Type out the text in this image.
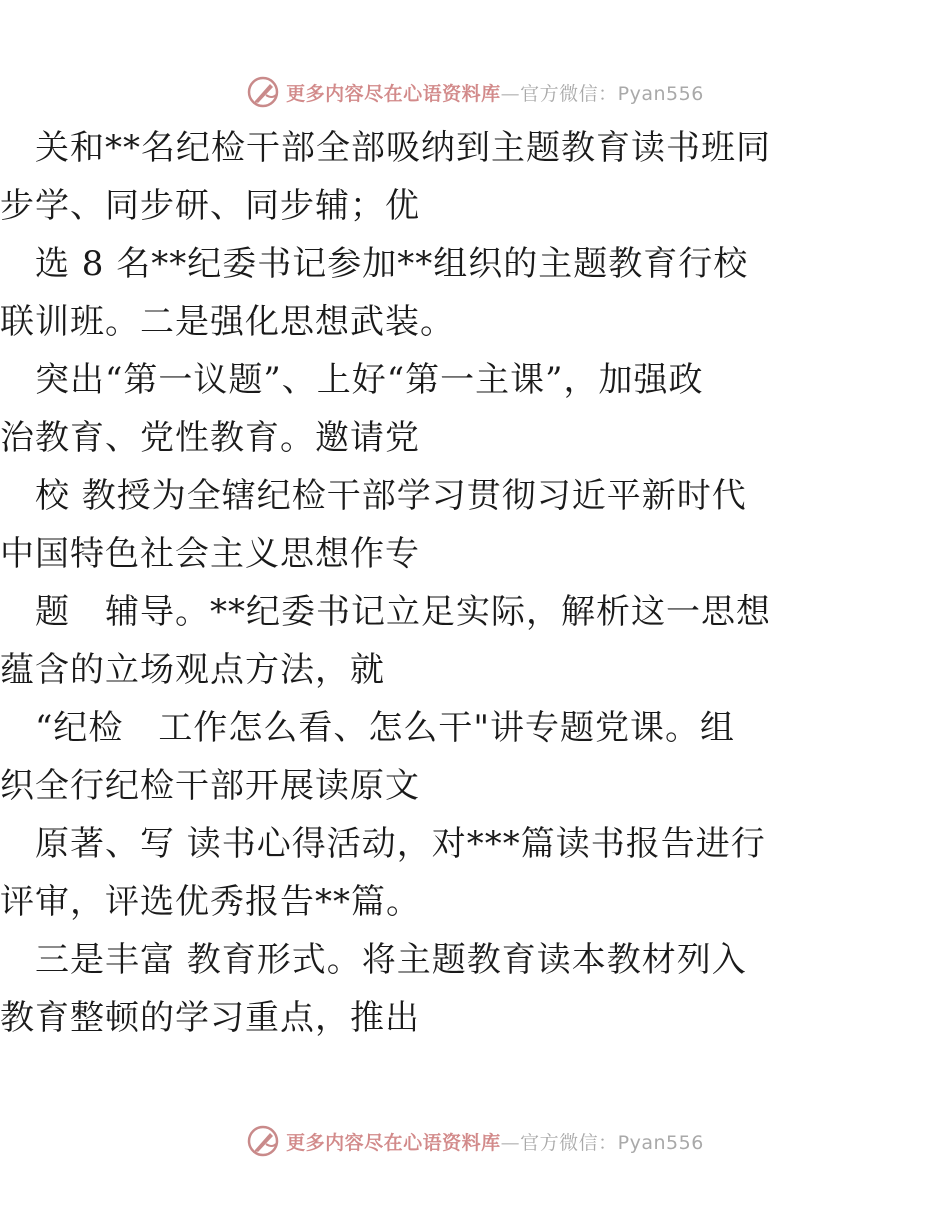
更多内容尽在心语资料库—官方微信：Pyan556
　关和**名纪检干部全部吸纳到主题教育读书班同
步学、同步研、同步辅；优
　选 8 名**纪委书记参加**组织的主题教育行校
联训班。二是强化思想武装。
　突出“第一议题”、上好“第一主课”，加强政
治教育、党性教育。邀请党
　校 教授为全辖纪检干部学习贯彻习近平新时代
中国特色社会主义思想作专
　题　辅导。**纪委书记立足实际，解析这一思想
蕴含的立场观点方法，就
　“纪检　工作怎么看、怎么干"讲专题党课。组
织全行纪检干部开展读原文
　原著、写 读书心得活动，对***篇读书报告进行
评审，评选优秀报告**篇。
　三是丰富 教育形式。将主题教育读本教材列入
教育整顿的学习重点，推出
更多内容尽在心语资料库—官方微信：Pyan556
